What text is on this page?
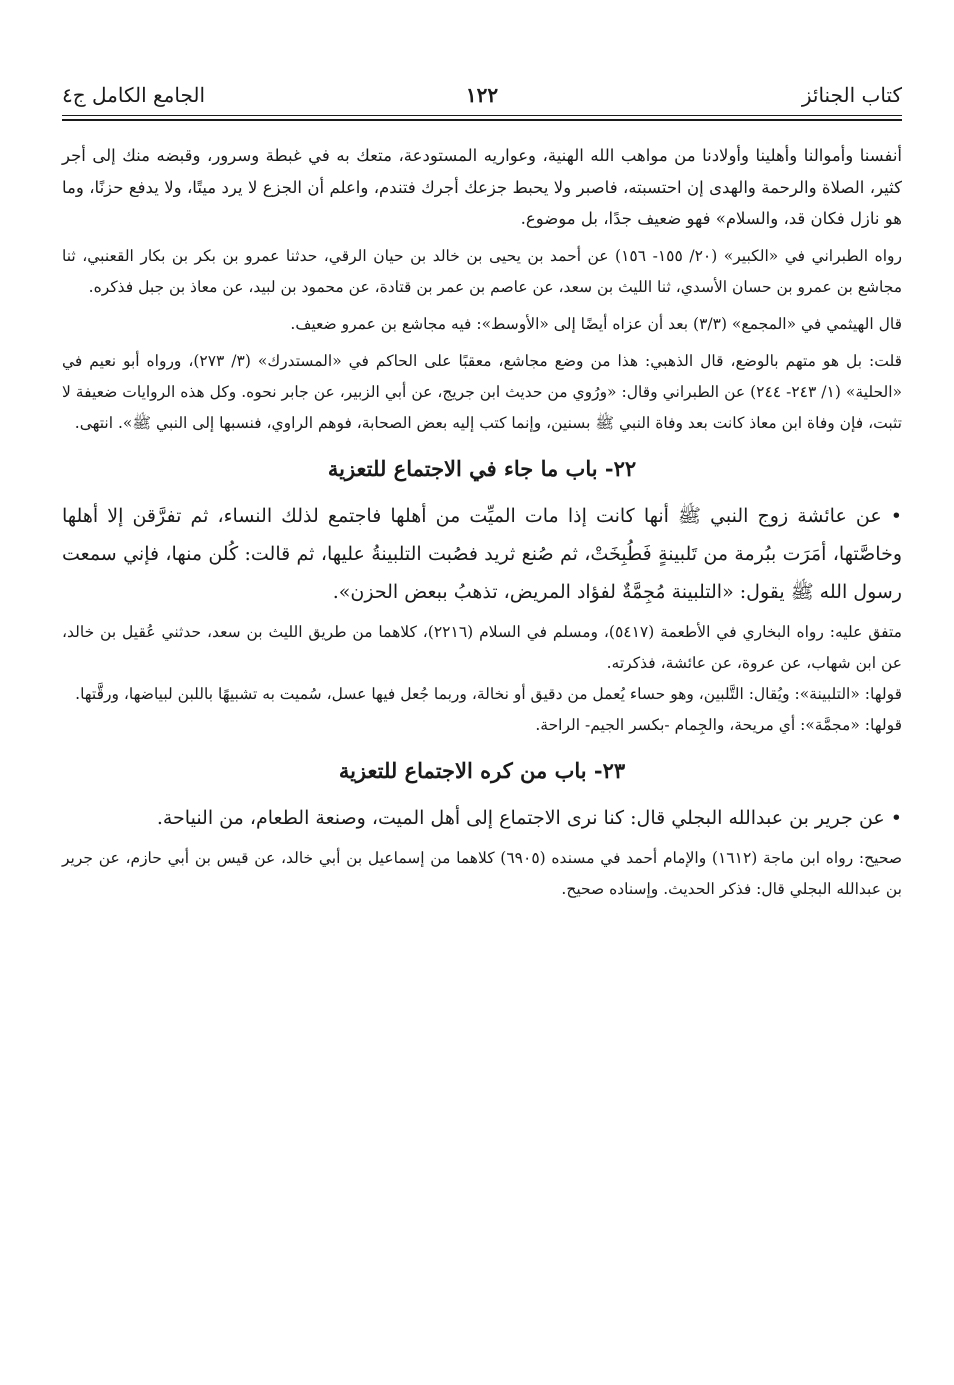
كتاب الجنائز
١٢٢
الجامع الكامل ج٤

أنفسنا وأموالنا وأهلينا وأولادنا من مواهب الله الهنية، وعواريه المستودعة، متعك به في غبطة وسرور، وقبضه منك إلى أجر كثير، الصلاة والرحمة والهدى إن احتسبته، فاصبر ولا يحبط جزعك أجرك فتندم، واعلم أن الجزع لا يرد ميتًا، ولا يدفع حزنًا، وما هو نازل فكان قد، والسلام» فهو ضعيف جدًا، بل موضوع.

رواه الطبراني في «الكبير» (٢٠/ ١٥٥- ١٥٦) عن أحمد بن يحيى بن خالد بن حيان الرقي، حدثنا عمرو بن بكر بن بكار القعنبي، ثنا مجاشع بن عمرو بن حسان الأسدي، ثنا الليث بن سعد، عن عاصم بن عمر بن قتادة، عن محمود بن لبيد، عن معاذ بن جبل فذكره.

قال الهيثمي في «المجمع» (٣/٣) بعد أن عزاه أيضًا إلى «الأوسط»: فيه مجاشع بن عمرو ضعيف.

قلت: بل هو متهم بالوضع، قال الذهبي: هذا من وضع مجاشع، معقبًا على الحاكم في «المستدرك» (٣/ ٢٧٣)، ورواه أبو نعيم في «الحلية» (١/ ٢٤٣- ٢٤٤) عن الطبراني وقال: «ورُوي من حديث ابن جريج، عن أبي الزبير، عن جابر نحوه. وكل هذه الروايات ضعيفة لا تثبت، فإن وفاة ابن معاذ كانت بعد وفاة النبي ﷺ بسنين، وإنما كتب إليه بعض الصحابة، فوهم الراوي، فنسبها إلى النبي ﷺ». انتهى.

٢٢- باب ما جاء في الاجتماع للتعزية

• عن عائشة زوج النبي ﷺ أنها كانت إذا مات الميِّت من أهلها فاجتمع لذلك النساء، ثم تفرَّقن إلا أهلها وخاصَّتها، أمَرَت ببُرمة من تَلبينةٍ فَطُبِخَتْ، ثم صُنع ثريد فصُبت التلبينةُ عليها، ثم قالت: كُلن منها، فإني سمعت رسول الله ﷺ يقول: «التلبينة مُجِمَّةٌ لفؤاد المريض، تذهبُ ببعض الحزن».

متفق عليه: رواه البخاري في الأطعمة (٥٤١٧)، ومسلم في السلام (٢٢١٦)، كلاهما من طريق الليث بن سعد، حدثني عُقيل بن خالد، عن ابن شهاب، عن عروة، عن عائشة، فذكرته.

قولها: «التلبينة»: ويُقال: التَّلبين، وهو حساء يُعمل من دقيق أو نخالة، وربما جُعل فيها عسل، سُميت به تشبيهًا باللبن لبياضها، ورقَّتها.

قولها: «مجمَّة»: أي مريحة، والجِمام -بكسر الجيم- الراحة.

٢٣- باب من كره الاجتماع للتعزية

• عن جرير بن عبدالله البجلي قال: كنا نرى الاجتماع إلى أهل الميت، وصنعة الطعام، من النياحة.

صحيح: رواه ابن ماجة (١٦١٢) والإمام أحمد في مسنده (٦٩٠٥) كلاهما من إسماعيل بن أبي خالد، عن قيس بن أبي حازم، عن جرير بن عبدالله البجلي قال: فذكر الحديث. وإسناده صحيح.
